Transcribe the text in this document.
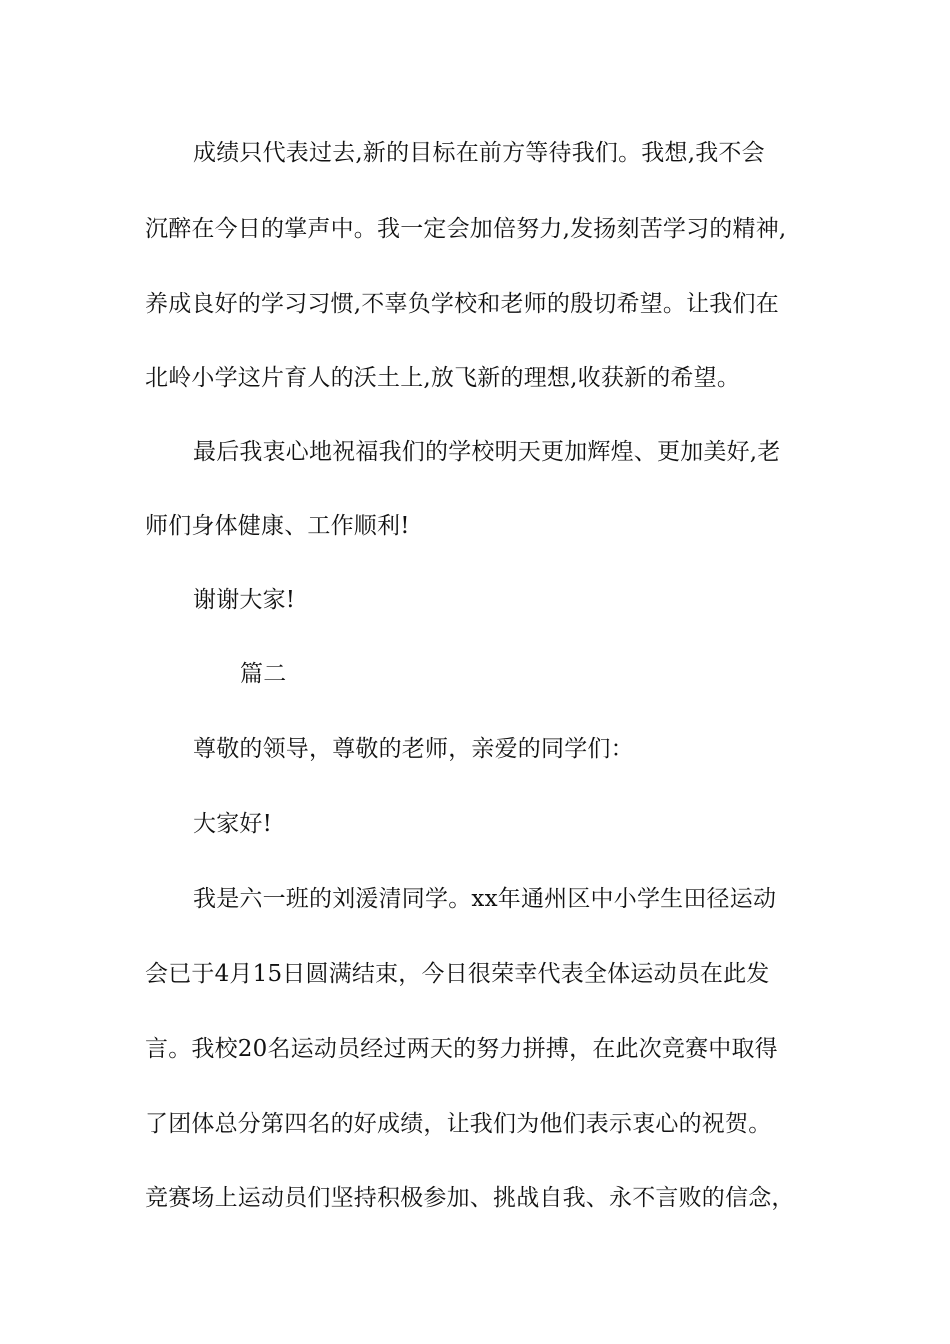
成绩只代表过去,新的目标在前方等待我们。我想,我不会
沉醉在今日的掌声中。我一定会加倍努力,发扬刻苦学习的精神,
养成良好的学习习惯,不辜负学校和老师的殷切希望。让我们在
北岭小学这片育人的沃土上,放飞新的理想,收获新的希望。
最后我衷心地祝福我们的学校明天更加辉煌、更加美好,老
师们身体健康、工作顺利!
谢谢大家!
篇二
尊敬的领导，尊敬的老师，亲爱的同学们：
大家好!
我是六一班的刘湲清同学。xx年通州区中小学生田径运动
会已于4月15日圆满结束，今日很荣幸代表全体运动员在此发
言。我校20名运动员经过两天的努力拼搏，在此次竞赛中取得
了团体总分第四名的好成绩，让我们为他们表示衷心的祝贺。
竞赛场上运动员们坚持积极参加、挑战自我、永不言败的信念，
